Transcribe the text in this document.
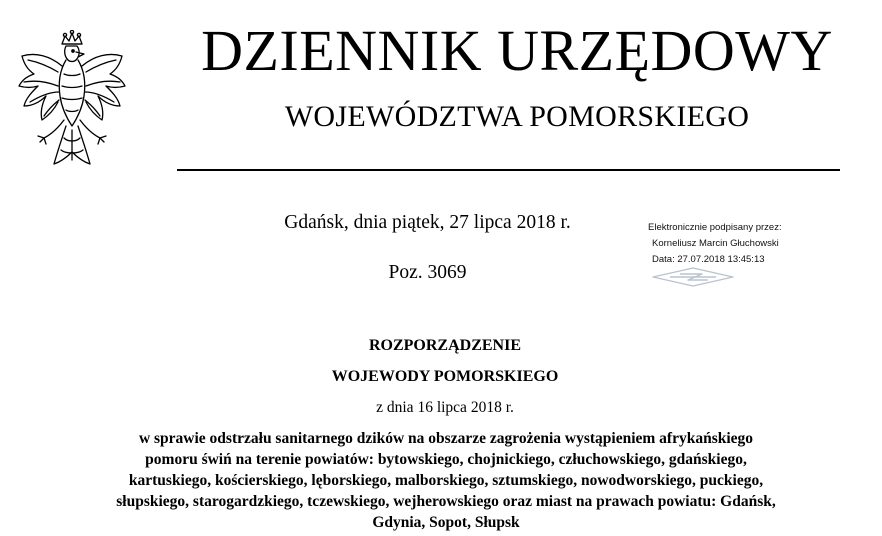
DZIENNIK URZĘDOWY
WOJEWÓDZTWA POMORSKIEGO
Gdańsk, dnia piątek, 27 lipca 2018 r.
Poz. 3069
Elektronicznie podpisany przez:
Korneliusz Marcin Głuchowski
Data: 27.07.2018 13:45:13
ROZPORZĄDZENIE
WOJEWODY POMORSKIEGO
z dnia 16 lipca 2018 r.
w sprawie odstrzału sanitarnego dzików na obszarze zagrożenia wystąpieniem afrykańskiego
pomoru świń na terenie powiatów: bytowskiego, chojnickiego, człuchowskiego, gdańskiego,
kartuskiego, kościerskiego, lęborskiego, malborskiego, sztumskiego, nowodworskiego, puckiego,
słupskiego, starogardzkiego, tczewskiego, wejherowskiego oraz miast na prawach powiatu: Gdańsk,
Gdynia, Sopot, Słupsk
